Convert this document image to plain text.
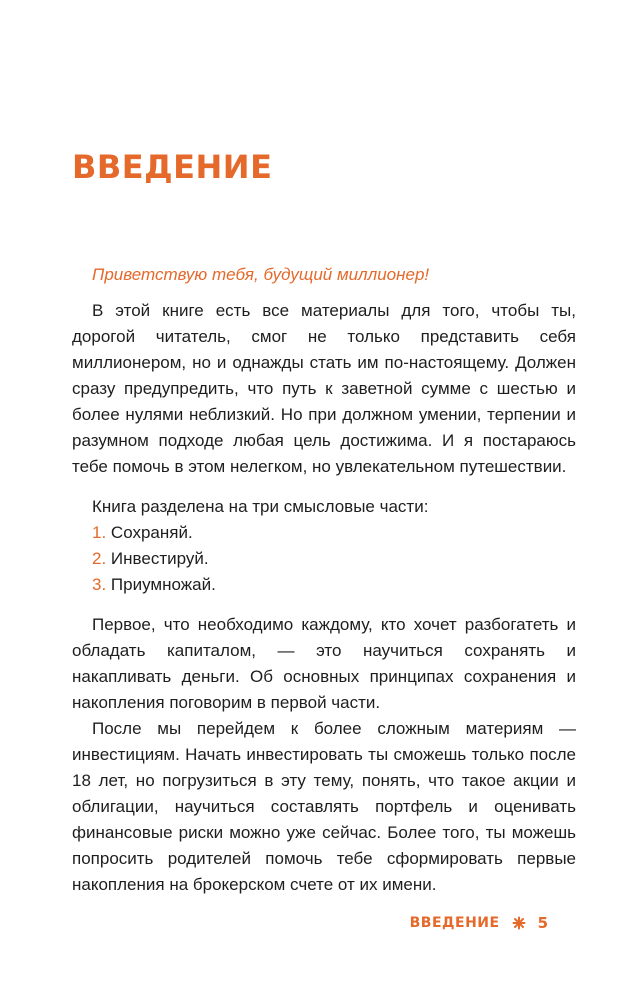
ВВЕДЕНИЕ

Приветствую тебя, будущий миллионер!

В этой книге есть все материалы для того, чтобы ты, дорогой читатель, смог не только представить себя миллионером, но и однажды стать им по-настоящему. Должен сразу предупредить, что путь к заветной сумме с шестью и более нулями неблизкий. Но при должном умении, терпении и разумном подходе любая цель достижима. И я постараюсь тебе помочь в этом нелегком, но увлекательном путешествии.

Книга разделена на три смысловые части:

1. Сохраняй.
2. Инвестируй.
3. Приумножай.

Первое, что необходимо каждому, кто хочет разбогатеть и обладать капиталом, — это научиться сохранять и накапливать деньги. Об основных принципах сохранения и накопления поговорим в первой части.

После мы перейдем к более сложным материям — инвестициям. Начать инвестировать ты сможешь только после 18 лет, но погрузиться в эту тему, понять, что такое акции и облигации, научиться составлять портфель и оценивать финансовые риски можно уже сейчас. Более того, ты можешь попросить родителей помочь тебе сформировать первые накопления на брокерском счете от их имени.

ВВЕДЕНИЕ	5
